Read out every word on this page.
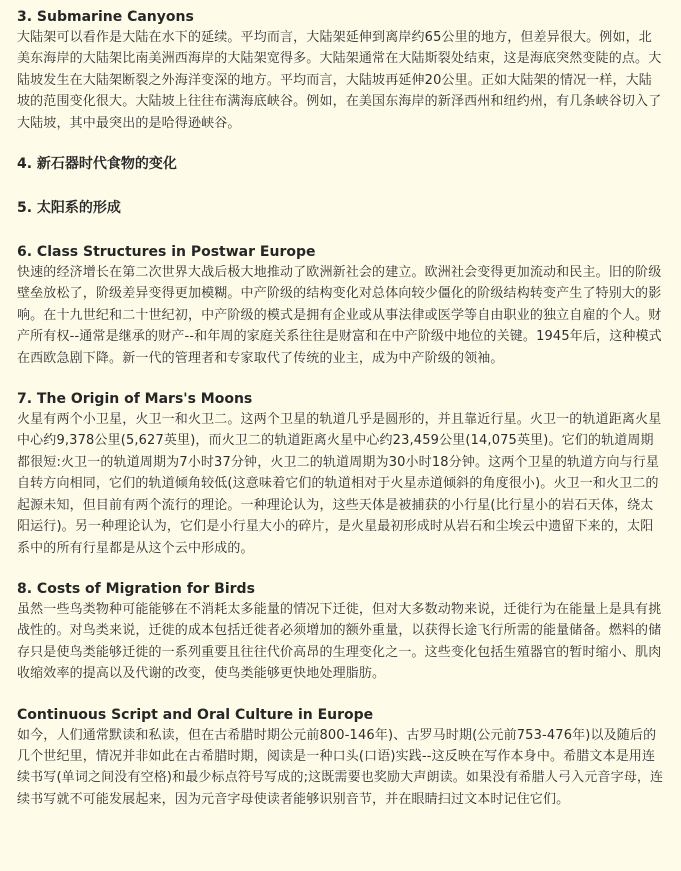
3. Submarine Canyons

大陆架可以看作是大陆在水下的延续。平均而言，大陆架延伸到离岸约65公里的地方，但差异很大。例如，北美东海岸的大陆架比南美洲西海岸的大陆架宽得多。大陆架通常在大陆斯裂处结束，这是海底突然变陡的点。大陆坡发生在大陆架断裂之外海洋变深的地方。平均而言，大陆坡再延伸20公里。正如大陆架的情况一样，大陆坡的范围变化很大。大陆坡上往往布满海底峡谷。例如，在美国东海岸的新泽西州和纽约州，有几条峡谷切入了大陆坡，其中最突出的是哈得逊峡谷。

4. 新石器时代食物的变化
5. 太阳系的形成
6. Class Structures in Postwar Europe

快速的经济增长在第二次世界大战后极大地推动了欧洲新社会的建立。欧洲社会变得更加流动和民主。旧的阶级壁垒放松了，阶级差异变得更加模糊。中产阶级的结构变化对总体向较少僵化的阶级结构转变产生了特别大的影响。在十九世纪和二十世纪初，中产阶级的模式是拥有企业或从事法律或医学等自由职业的独立自雇的个人。财产所有权--通常是继承的财产--和年周的家庭关系往往是财富和在中产阶级中地位的关键。1945年后，这种模式在西欧急剧下降。新一代的管理者和专家取代了传统的业主，成为中产阶级的领袖。

7. The Origin of Mars's Moons

火星有两个小卫星，火卫一和火卫二。这两个卫星的轨道几乎是圆形的，并且靠近行星。火卫一的轨道距离火星中心约9,378公里(5,627英里)，而火卫二的轨道距离火星中心约23,459公里(14,075英里)。它们的轨道周期都很短:火卫一的轨道周期为7小时37分钟，火卫二的轨道周期为30小时18分钟。这两个卫星的轨道方向与行星自转方向相同，它们的轨道倾角较低(这意味着它们的轨道相对于火星赤道倾斜的角度很小)。火卫一和火卫二的起源未知，但目前有两个流行的理论。一种理论认为，这些天体是被捕获的小行星(比行星小的岩石天体，绕太阳运行)。另一种理论认为，它们是小行星大小的碎片，是火星最初形成时从岩石和尘埃云中遗留下来的，太阳系中的所有行星都是从这个云中形成的。

8. Costs of Migration for Birds

虽然一些鸟类物种可能能够在不消耗太多能量的情况下迁徙，但对大多数动物来说，迁徙行为在能量上是具有挑战性的。对鸟类来说，迁徙的成本包括迁徙者必须增加的额外重量，以获得长途飞行所需的能量储备。燃料的储存只是使鸟类能够迁徙的一系列重要且往往代价高昂的生理变化之一。这些变化包括生殖器官的暂时缩小、肌肉收缩效率的提高以及代谢的改变，使鸟类能够更快地处理脂肪。

Continuous Script and Oral Culture in Europe

如今，人们通常默读和私读，但在古希腊时期公元前800-146年)、古罗马时期(公元前753-476年)以及随后的几个世纪里，情况并非如此在古希腊时期，阅读是一种口头(口语)实践--这反映在写作本身中。希腊文本是用连续书写(单词之间没有空格)和最少标点符号写成的;这既需要也奖励大声朗读。如果没有希腊人弓入元音字母，连续书写就不可能发展起来，因为元音字母使读者能够识别音节，并在眼睛扫过文本时记住它们。
